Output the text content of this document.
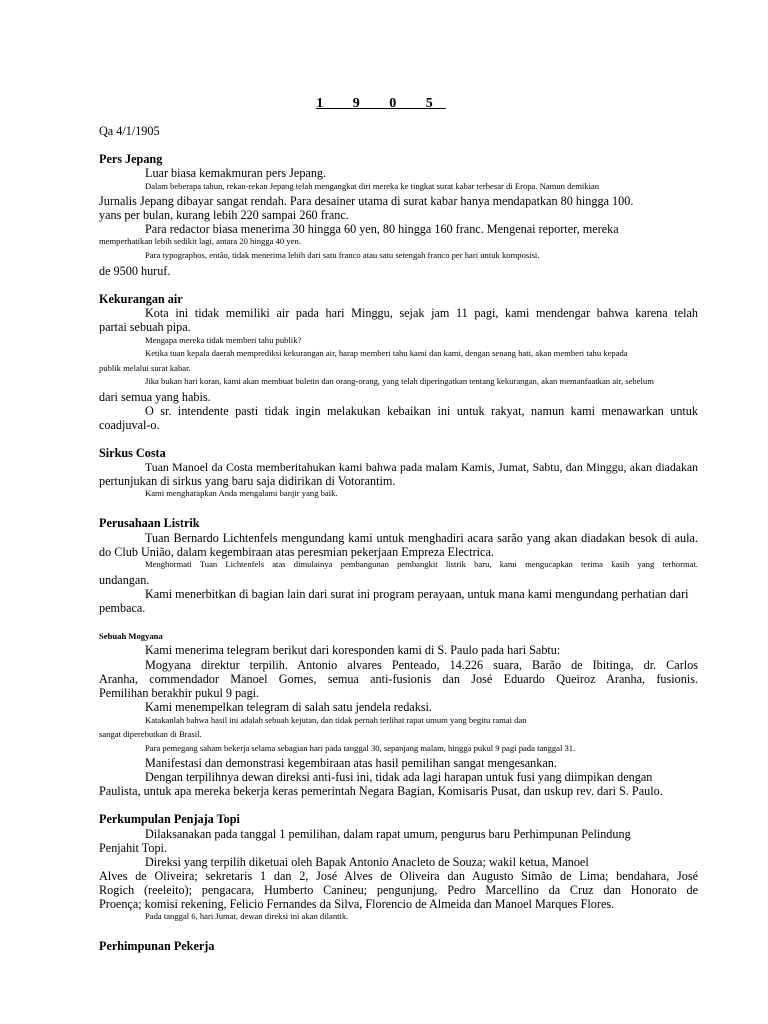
1 9 0 5
Qa 4/1/1905
Pers Jepang
Luar biasa kemakmuran pers Jepang.
Dalam beberapa tahun, rekan-rekan Jepang telah mengangkat diri mereka ke tingkat surat kabar terbesar di Eropa. Namun demikian
Jurnalis Jepang dibayar sangat rendah. Para desainer utama di surat kabar hanya mendapatkan 80 hingga 100.
yans per bulan, kurang lebih 220 sampai 260 franc.
Para redactor biasa menerima 30 hingga 60 yen, 80 hingga 160 franc. Mengenai reporter, mereka
memperhatikan lebih sedikit lagi, antara 20 hingga 40 yen.
Para typographos, então, tidak menerima lebih dari satu franco atau satu setengah franco per hari untuk komposisi.
de 9500 huruf.
Kekurangan air
Kota ini tidak memiliki air pada hari Minggu, sejak jam 11 pagi, kami mendengar bahwa karena telah
partai sebuah pipa.
Mengapa mereka tidak memberi tahu publik?
Ketika tuan kepala daerah memprediksi kekurangan air, harap memberi tahu kami dan kami, dengan senang hati, akan memberi tahu kepada
publik melalui surat kabar.
Jika bukan hari koran, kami akan membuat buletin dan orang-orang, yang telah diperingatkan tentang kekurangan, akan memanfaatkan air, sebelum
dari semua yang habis.
O sr. intendente pasti tidak ingin melakukan kebaikan ini untuk rakyat, namun kami menawarkan untuk
coadjuval-o.
Sirkus Costa
Tuan Manoel da Costa memberitahukan kami bahwa pada malam Kamis, Jumat, Sabtu, dan Minggu, akan diadakan
pertunjukan di sirkus yang baru saja didirikan di Votorantim.
Kami mengharapkan Anda mengalami banjir yang baik.
Perusahaan Listrik
Tuan Bernardo Lichtenfels mengundang kami untuk menghadiri acara sarão yang akan diadakan besok di aula.
do Club União, dalam kegembiraan atas peresmian pekerjaan Empreza Electrica.
Menghormati Tuan Lichtenfels atas dimulainya pembangunan pembangkit listrik baru, kami mengucapkan terima kasih yang terhormat.
undangan.
Kami menerbitkan di bagian lain dari surat ini program perayaan, untuk mana kami mengundang perhatian dari
pembaca.
Sebuah Mogyana
Kami menerima telegram berikut dari koresponden kami di S. Paulo pada hari Sabtu:
Mogyana direktur terpilih. Antonio alvares Penteado, 14.226 suara, Barão de Ibitinga, dr. Carlos
Aranha, commendador Manoel Gomes, semua anti-fusionis dan José Eduardo Queiroz Aranha, fusionis.
Pemilihan berakhir pukul 9 pagi.
Kami menempelkan telegram di salah satu jendela redaksi.
Katakanlah bahwa hasil ini adalah sebuah kejutan, dan tidak pernah terlihat rapat umum yang begitu ramai dan
sangat diperebutkan di Brasil.
Para pemegang saham bekerja selama sebagian hari pada tanggal 30, sepanjang malam, hingga pukul 9 pagi pada tanggal 31.
Manifestasi dan demonstrasi kegembiraan atas hasil pemilihan sangat mengesankan.
Dengan terpilihnya dewan direksi anti-fusi ini, tidak ada lagi harapan untuk fusi yang diimpikan dengan
Paulista, untuk apa mereka bekerja keras pemerintah Negara Bagian, Komisaris Pusat, dan uskup rev. dari S. Paulo.
Perkumpulan Penjaja Topi
Dilaksanakan pada tanggal 1 pemilihan, dalam rapat umum, pengurus baru Perhimpunan Pelindung
Penjahit Topi.
Direksi yang terpilih diketuai oleh Bapak Antonio Anacleto de Souza; wakil ketua, Manoel
Alves de Oliveira; sekretaris 1 dan 2, José Alves de Oliveira dan Augusto Simão de Lima; bendahara, José
Rogich (reeleito); pengacara, Humberto Canineu; pengunjung, Pedro Marcellino da Cruz dan Honorato de
Proença; komisi rekening, Felicio Fernandes da Silva, Florencio de Almeida dan Manoel Marques Flores.
Pada tanggal 6, hari Jumat, dewan direksi ini akan dilantik.
Perhimpunan Pekerja
